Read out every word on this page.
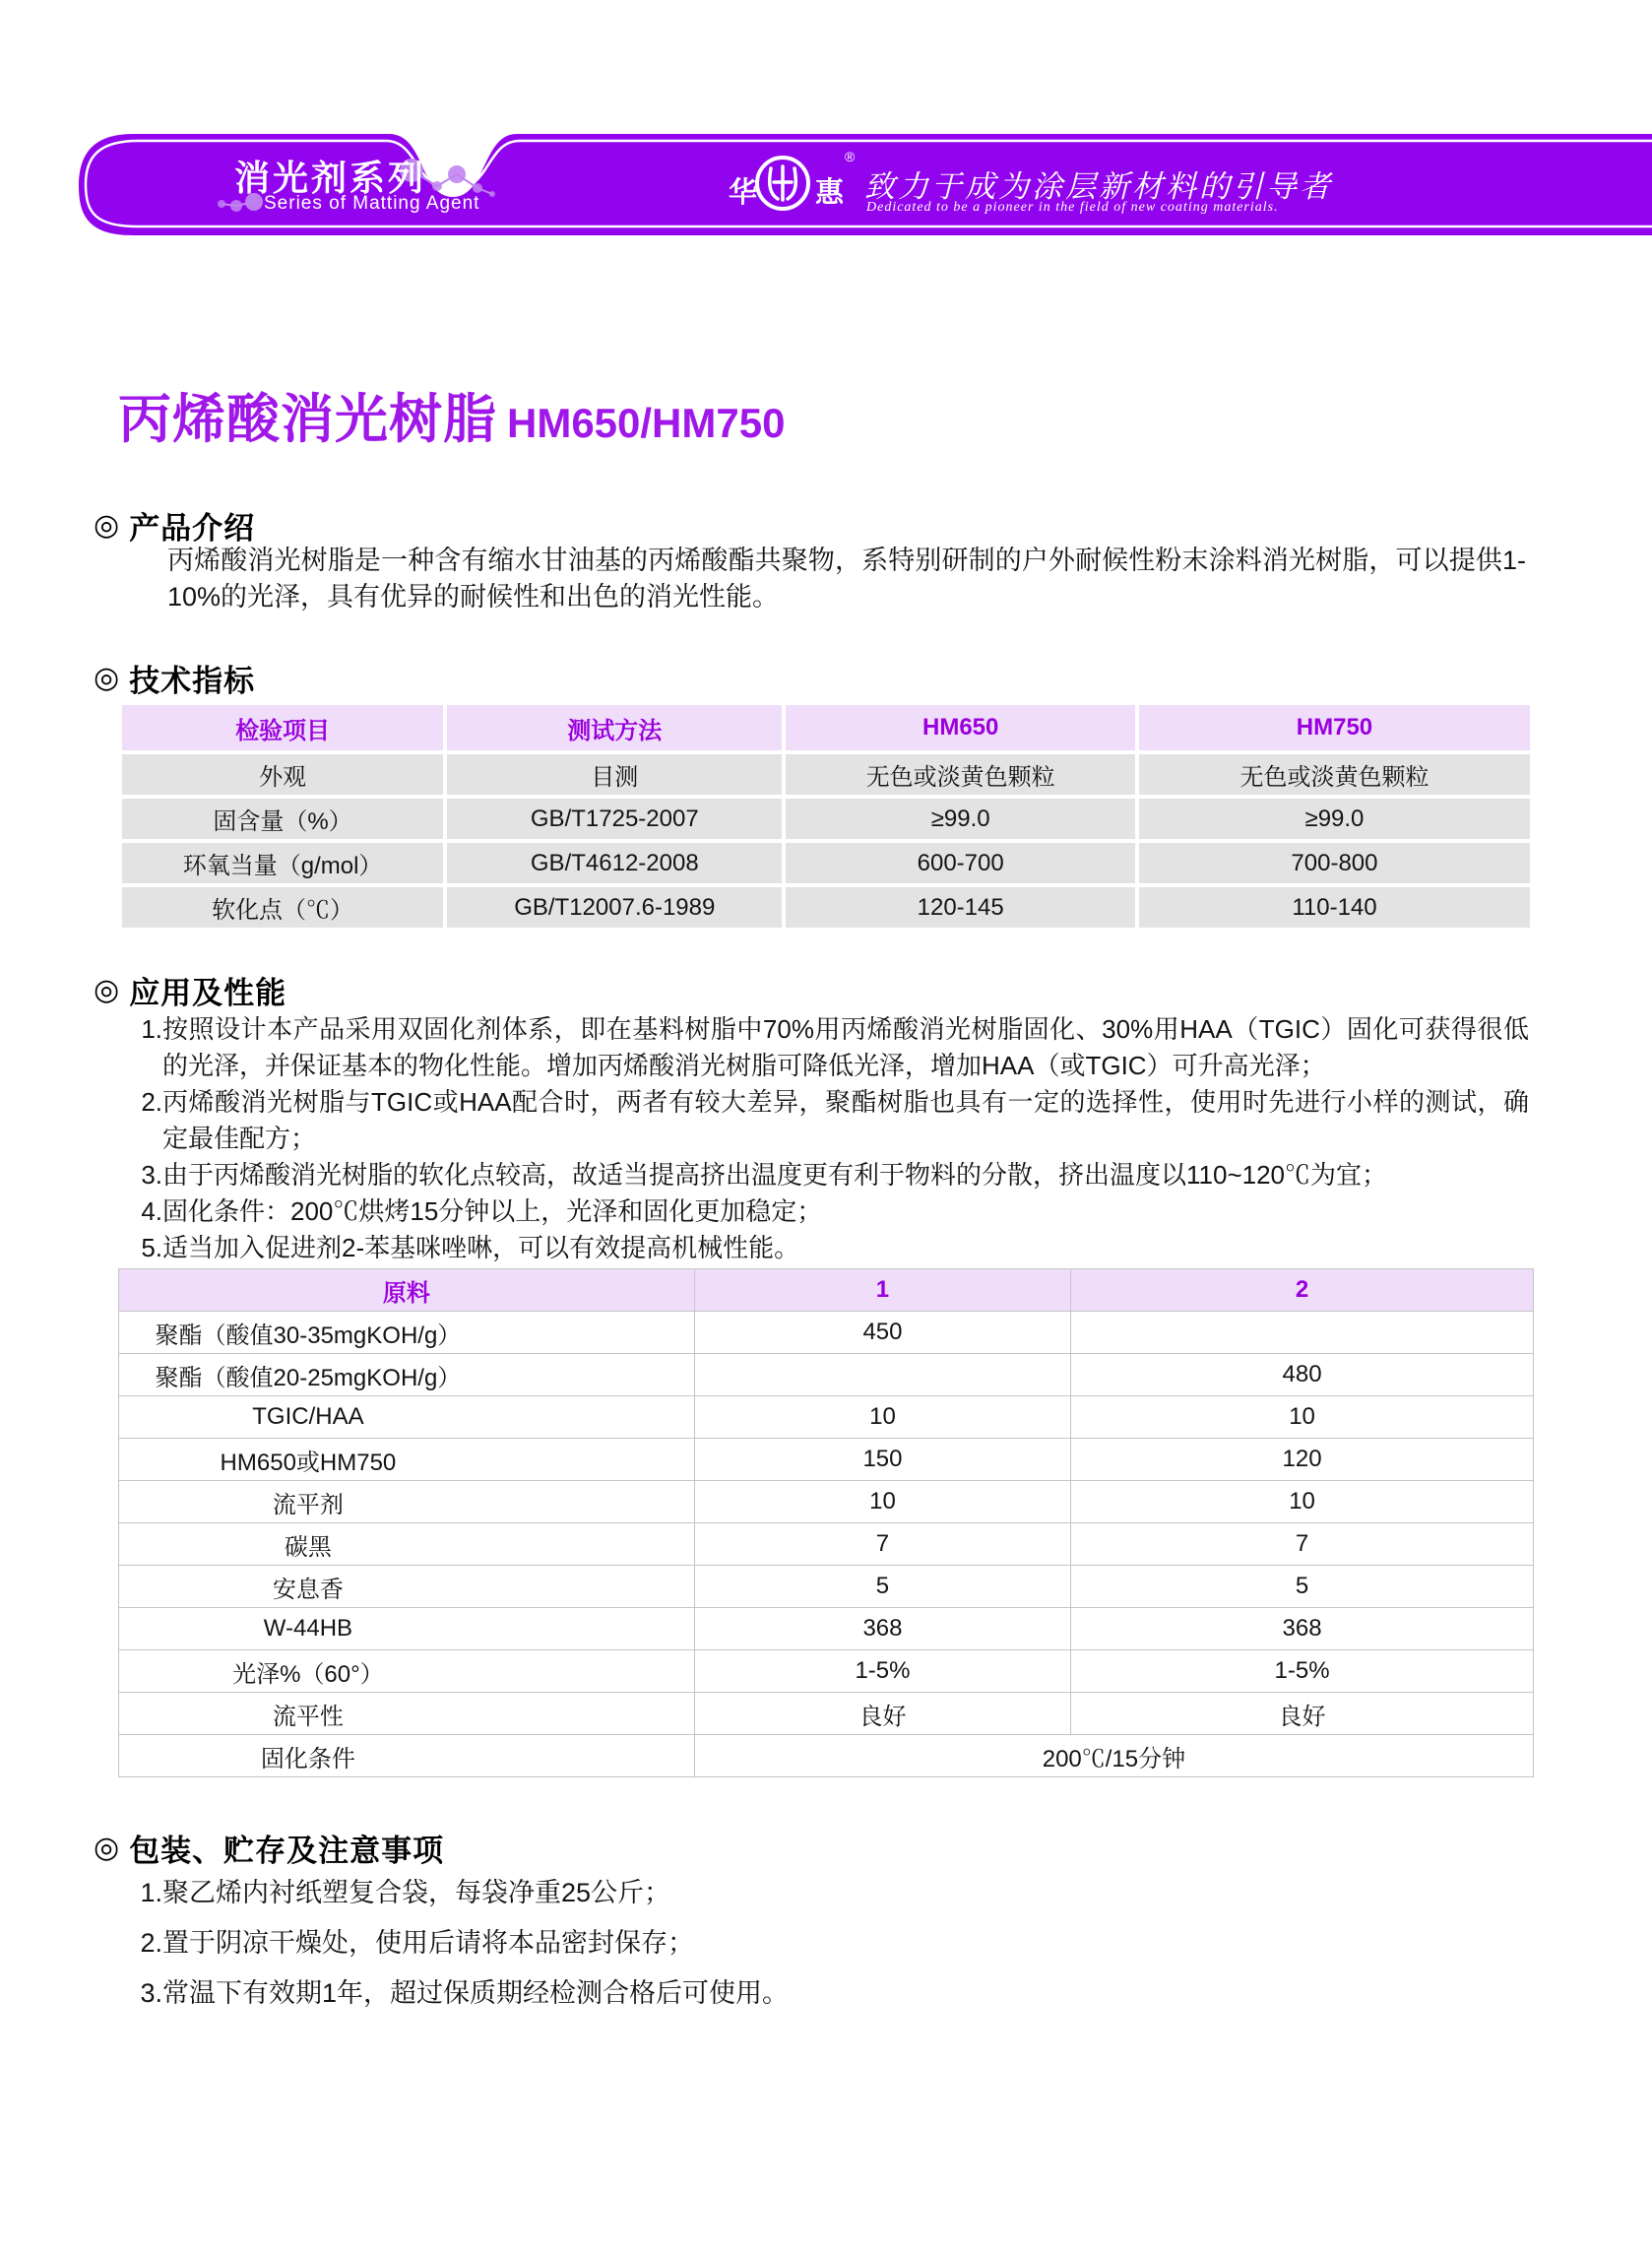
消光剂系列
Series of Matting Agent	华 惠
®
致力于成为涂层新材料的引导者
Dedicated to be a pioneer in the field of new coating materials.
丙烯酸消光树脂 HM650/HM750
◎ 产品介绍
丙烯酸消光树脂是一种含有缩水甘油基的丙烯酸酯共聚物，系特别研制的户外耐候性粉末涂料消光树脂，可以提供1-10%的光泽，具有优异的耐候性和出色的消光性能。
◎ 技术指标
检验项目	测试方法	HM650	HM750
外观	目测	无色或淡黄色颗粒	无色或淡黄色颗粒
固含量（%）	GB/T1725-2007	≥99.0	≥99.0
环氧当量（g/mol）	GB/T4612-2008	600-700	700-800
软化点（℃）	GB/T12007.6-1989	120-145	110-140
◎ 应用及性能
1. 按照设计本产品采用双固化剂体系，即在基料树脂中70%用丙烯酸消光树脂固化、30%用HAA（TGIC）固化可获得很低的光泽，并保证基本的物化性能。增加丙烯酸消光树脂可降低光泽，增加HAA（或TGIC）可升高光泽；
2. 丙烯酸消光树脂与TGIC或HAA配合时，两者有较大差异，聚酯树脂也具有一定的选择性，使用时先进行小样的测试，确定最佳配方；
3. 由于丙烯酸消光树脂的软化点较高，故适当提高挤出温度更有利于物料的分散，挤出温度以110~120℃为宜；
4. 固化条件：200℃烘烤15分钟以上，光泽和固化更加稳定；
5. 适当加入促进剂2-苯基咪唑啉，可以有效提高机械性能。
原料	1	2
聚酯（酸值30-35mgKOH/g）	450	
聚酯（酸值20-25mgKOH/g）		480
TGIC/HAA	10	10
HM650或HM750	150	120
流平剂	10	10
碳黑	7	7
安息香	5	5
W-44HB	368	368
光泽%（60°）	1-5%	1-5%
流平性	良好	良好
固化条件	200℃/15分钟	
◎ 包装、贮存及注意事项
1. 聚乙烯内衬纸塑复合袋，每袋净重25公斤；
2. 置于阴凉干燥处，使用后请将本品密封保存；
3. 常温下有效期1年，超过保质期经检测合格后可使用。
